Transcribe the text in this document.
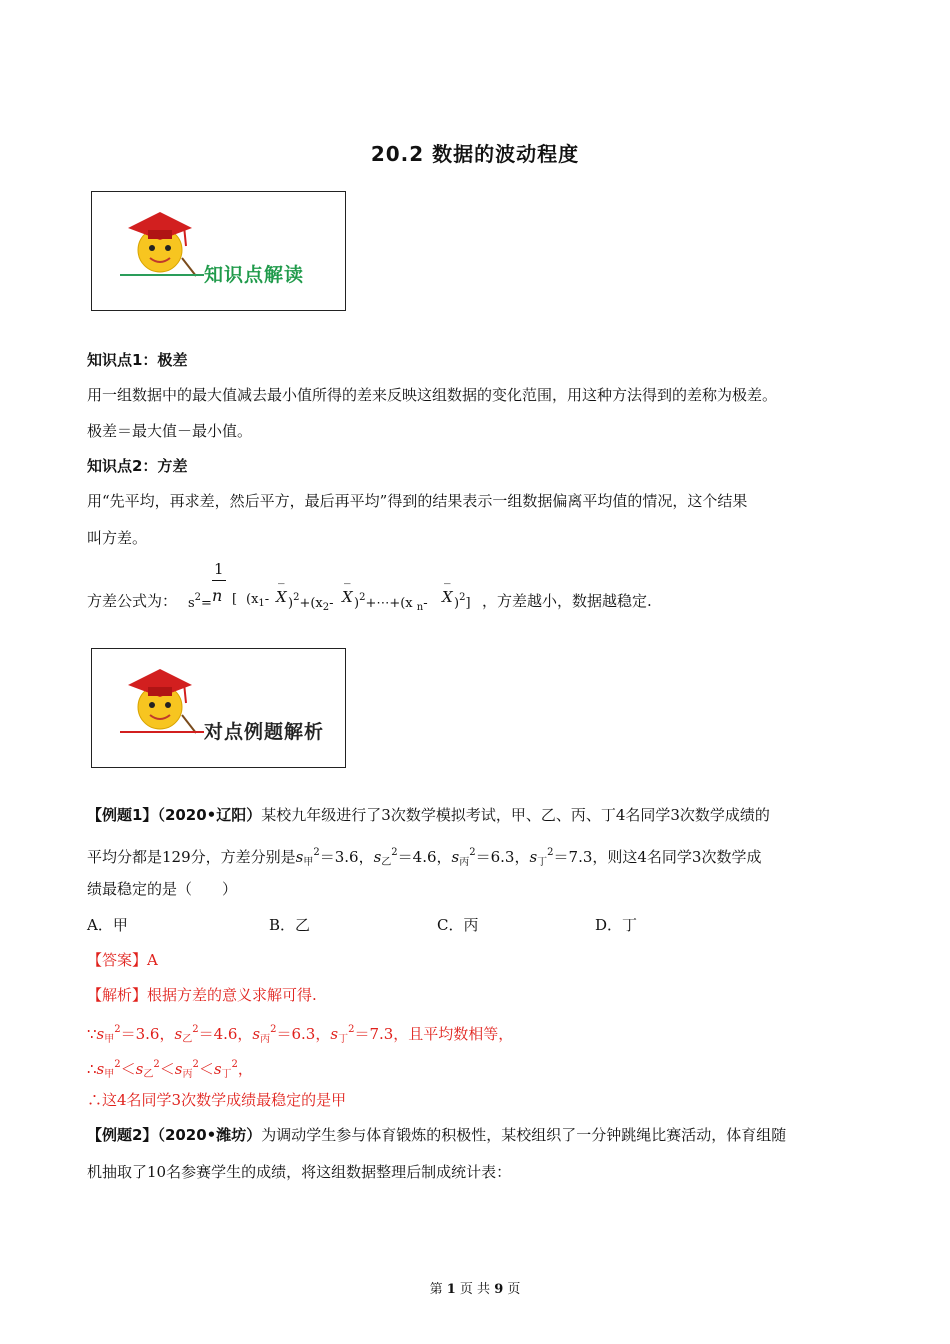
20.2 数据的波动程度
知识点解读
知识点1：极差
用一组数据中的最大值减去最小值所得的差来反映这组数据的变化范围，用这种方法得到的差称为极差。
极差＝最大值－最小值。
知识点2：方差
用“先平均，再求差，然后平方，最后再平均”得到的结果表示一组数据偏离平均值的情况，这个结果
叫方差。
方差公式为：
1
n
$s^2=$ [ ($x_1-$
_
X )$^2+(x_2-$
_
X )$^2$+⋯+(x $_n$-
_
X )$^2$] ，方差越小，数据越稳定.
对点例题解析
【例题1】（2020•辽阳）某校九年级进行了3次数学模拟考试，甲、乙、丙、丁4名同学3次数学成绩的
平均分都是129分，方差分别是$s_甲^2=3.6$，$s_乙^2=4.6$，$s_丙^2=6.3$，$s_丁^2=7.3$，则这4名同学3次数学成
绩最稳定的是（　　）
A．甲	B．乙	C．丙	D．丁
【答案】A
【解析】根据方差的意义求解可得.
$\because s_甲^2=3.6$，$s_乙^2=4.6$，$s_丙^2=6.3$，$s_丁^2=7.3$，且平均数相等，
$\therefore s_甲^2<s_乙^2<s_丙^2<s_丁^2$，
∴这4名同学3次数学成绩最稳定的是甲
【例题2】（2020•潍坊）为调动学生参与体育锻炼的积极性，某校组织了一分钟跳绳比赛活动，体育组随
机抽取了10名参赛学生的成绩，将这组数据整理后制成统计表：
第 1 页 共 9 页
